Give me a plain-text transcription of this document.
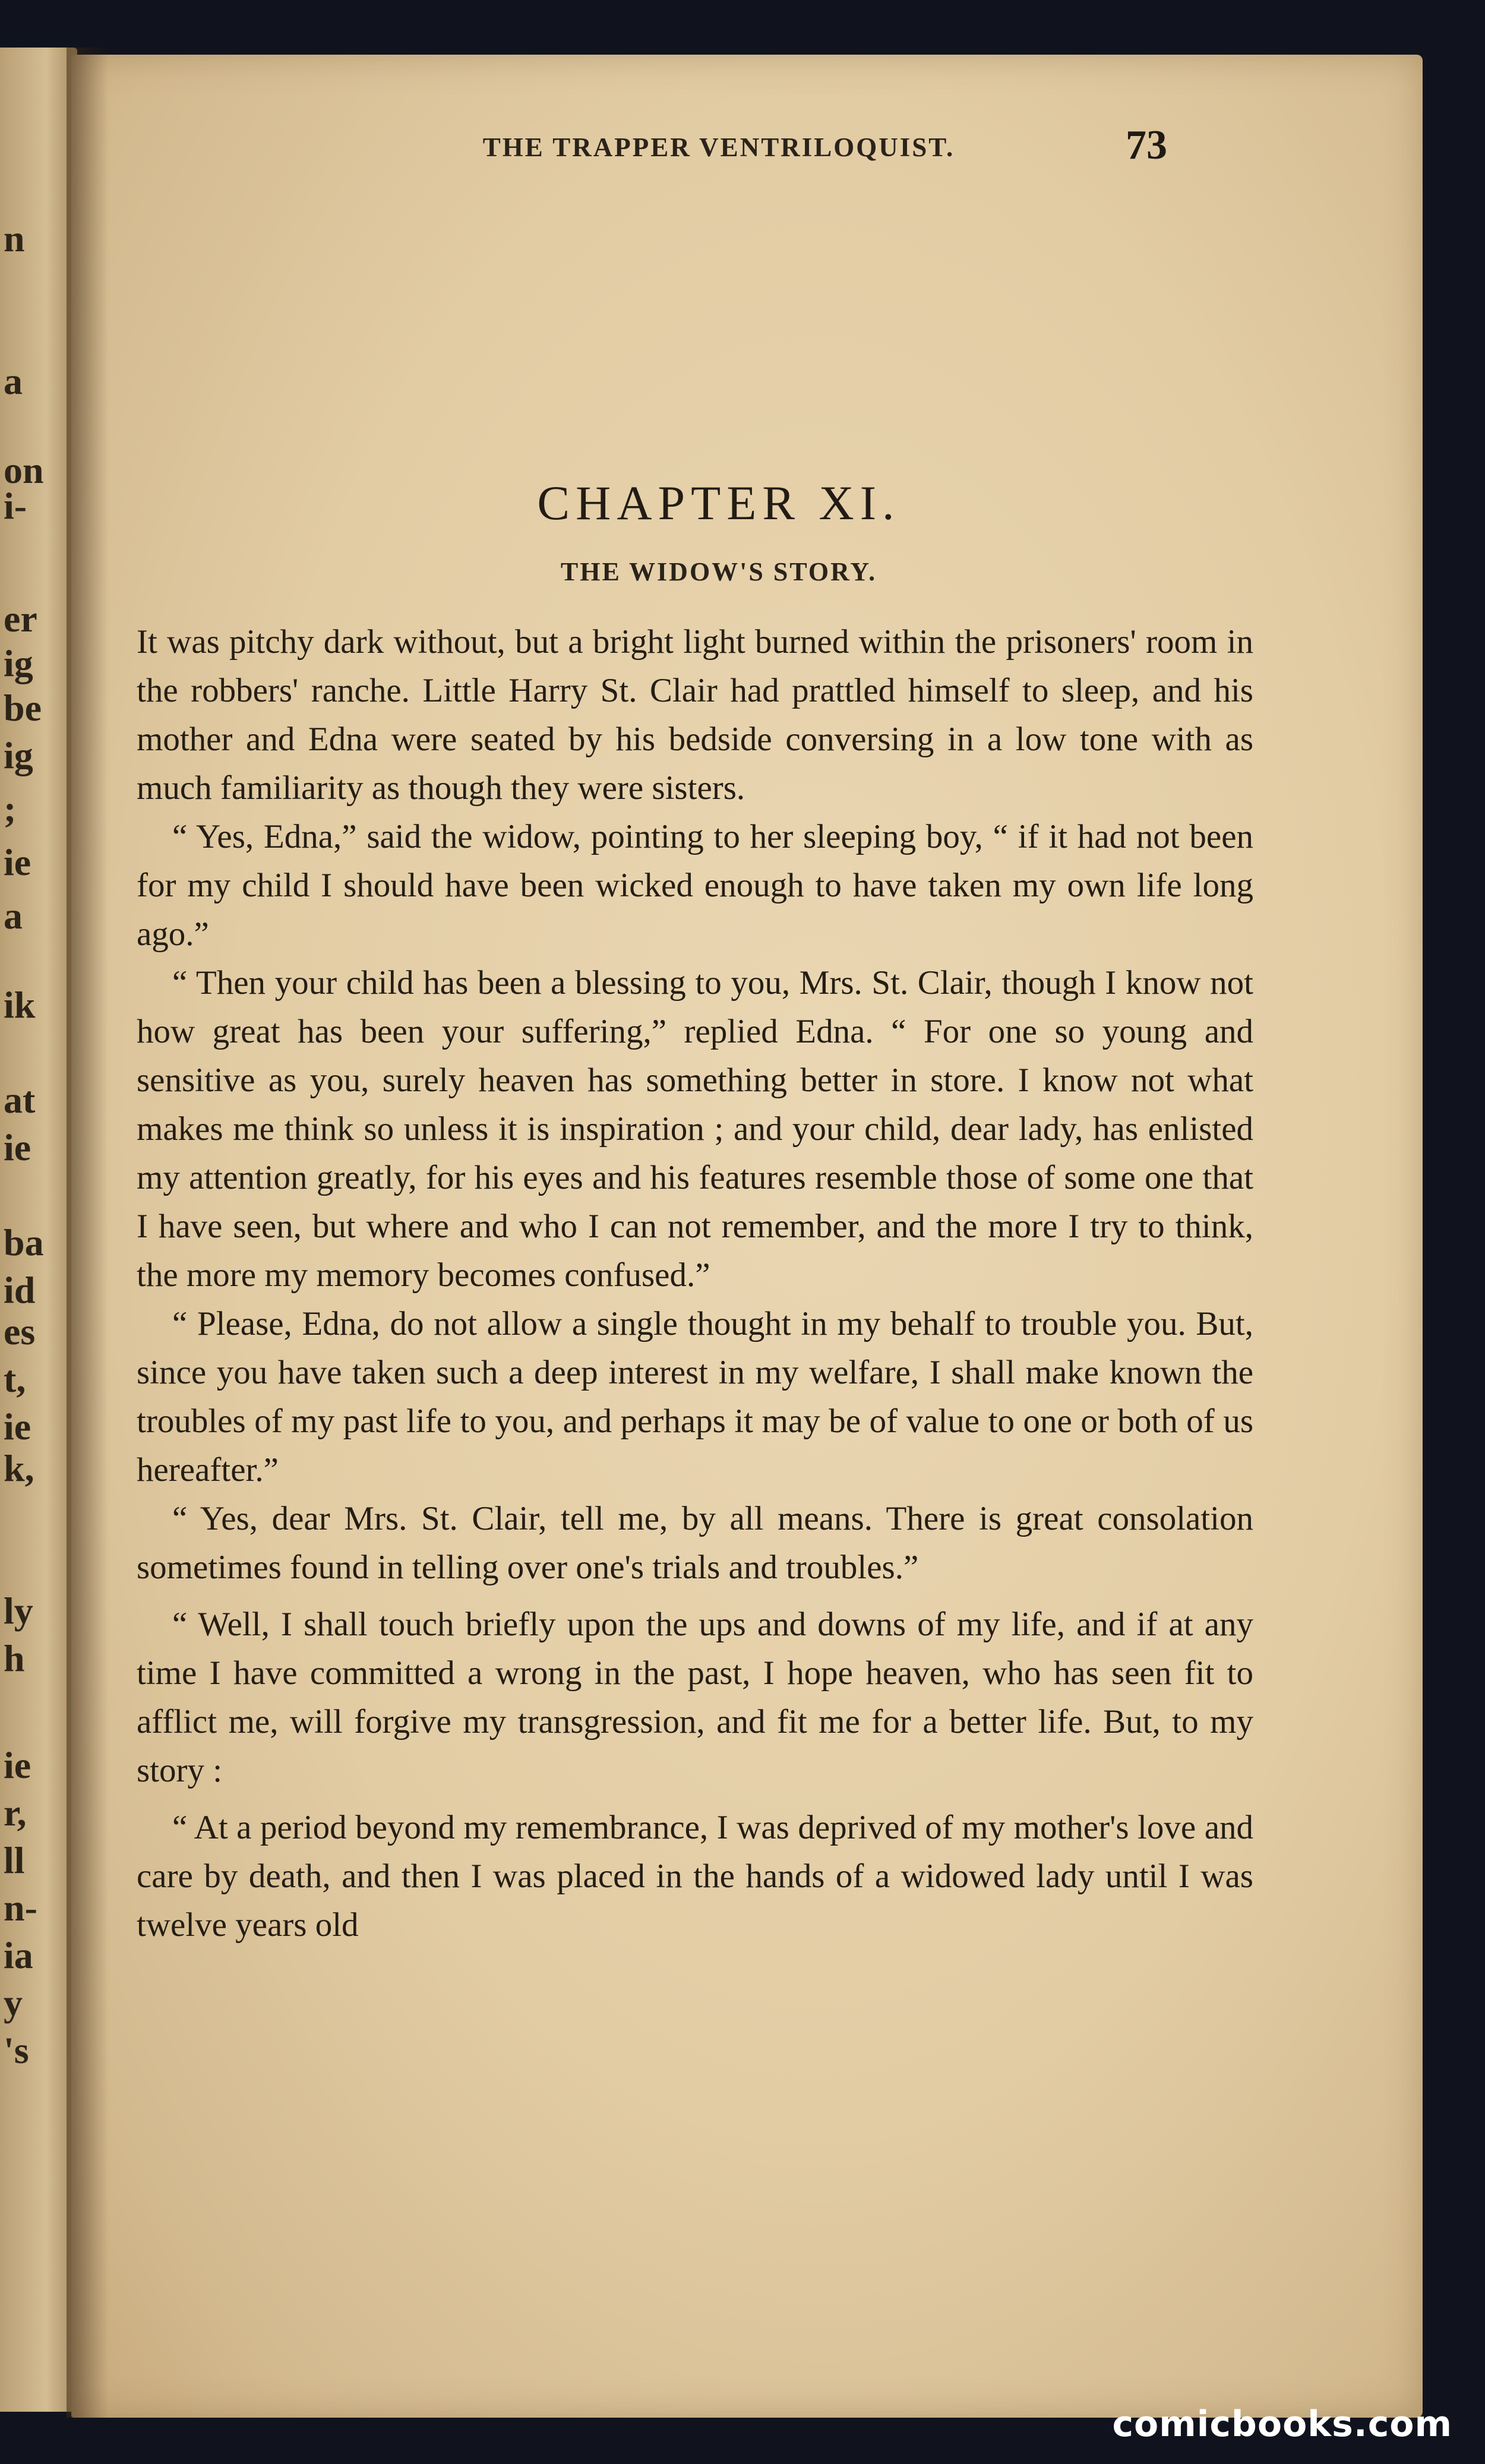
n
a
on
i-
er
ig
be
ig
;
ie
a
ik
at
ie
ba
id
es
t,
ie
k,
ly
h
ie
r,
ll
n-
ia
y
's
THE TRAPPER VENTRILOQUIST.	73
CHAPTER XI.
THE WIDOW'S STORY.

It was pitchy dark without, but a bright light burned within the prisoners' room in the robbers' ranche. Little Harry St. Clair had prattled himself to sleep, and his mother and Edna were seated by his bedside conversing in a low tone with as much familiarity as though they were sisters.

“ Yes, Edna,” said the widow, pointing to her sleeping boy, “ if it had not been for my child I should have been wicked enough to have taken my own life long ago.”

“ Then your child has been a blessing to you, Mrs. St. Clair, though I know not how great has been your suffering,” replied Edna. “ For one so young and sensitive as you, surely heaven has something better in store. I know not what makes me think so unless it is inspiration ; and your child, dear lady, has enlisted my attention greatly, for his eyes and his features resemble those of some one that I have seen, but where and who I can not remember, and the more I try to think, the more my memory becomes confused.”

“ Please, Edna, do not allow a single thought in my behalf to trouble you. But, since you have taken such a deep interest in my welfare, I shall make known the troubles of my past life to you, and perhaps it may be of value to one or both of us hereafter.”

“ Yes, dear Mrs. St. Clair, tell me, by all means. There is great consolation sometimes found in telling over one's trials and troubles.”

“ Well, I shall touch briefly upon the ups and downs of my life, and if at any time I have committed a wrong in the past, I hope heaven, who has seen fit to afflict me, will forgive my transgression, and fit me for a better life. But, to my story :

“ At a period beyond my remembrance, I was deprived of my mother's love and care by death, and then I was placed in the hands of a widowed lady until I was twelve years old

comicbooks.com
